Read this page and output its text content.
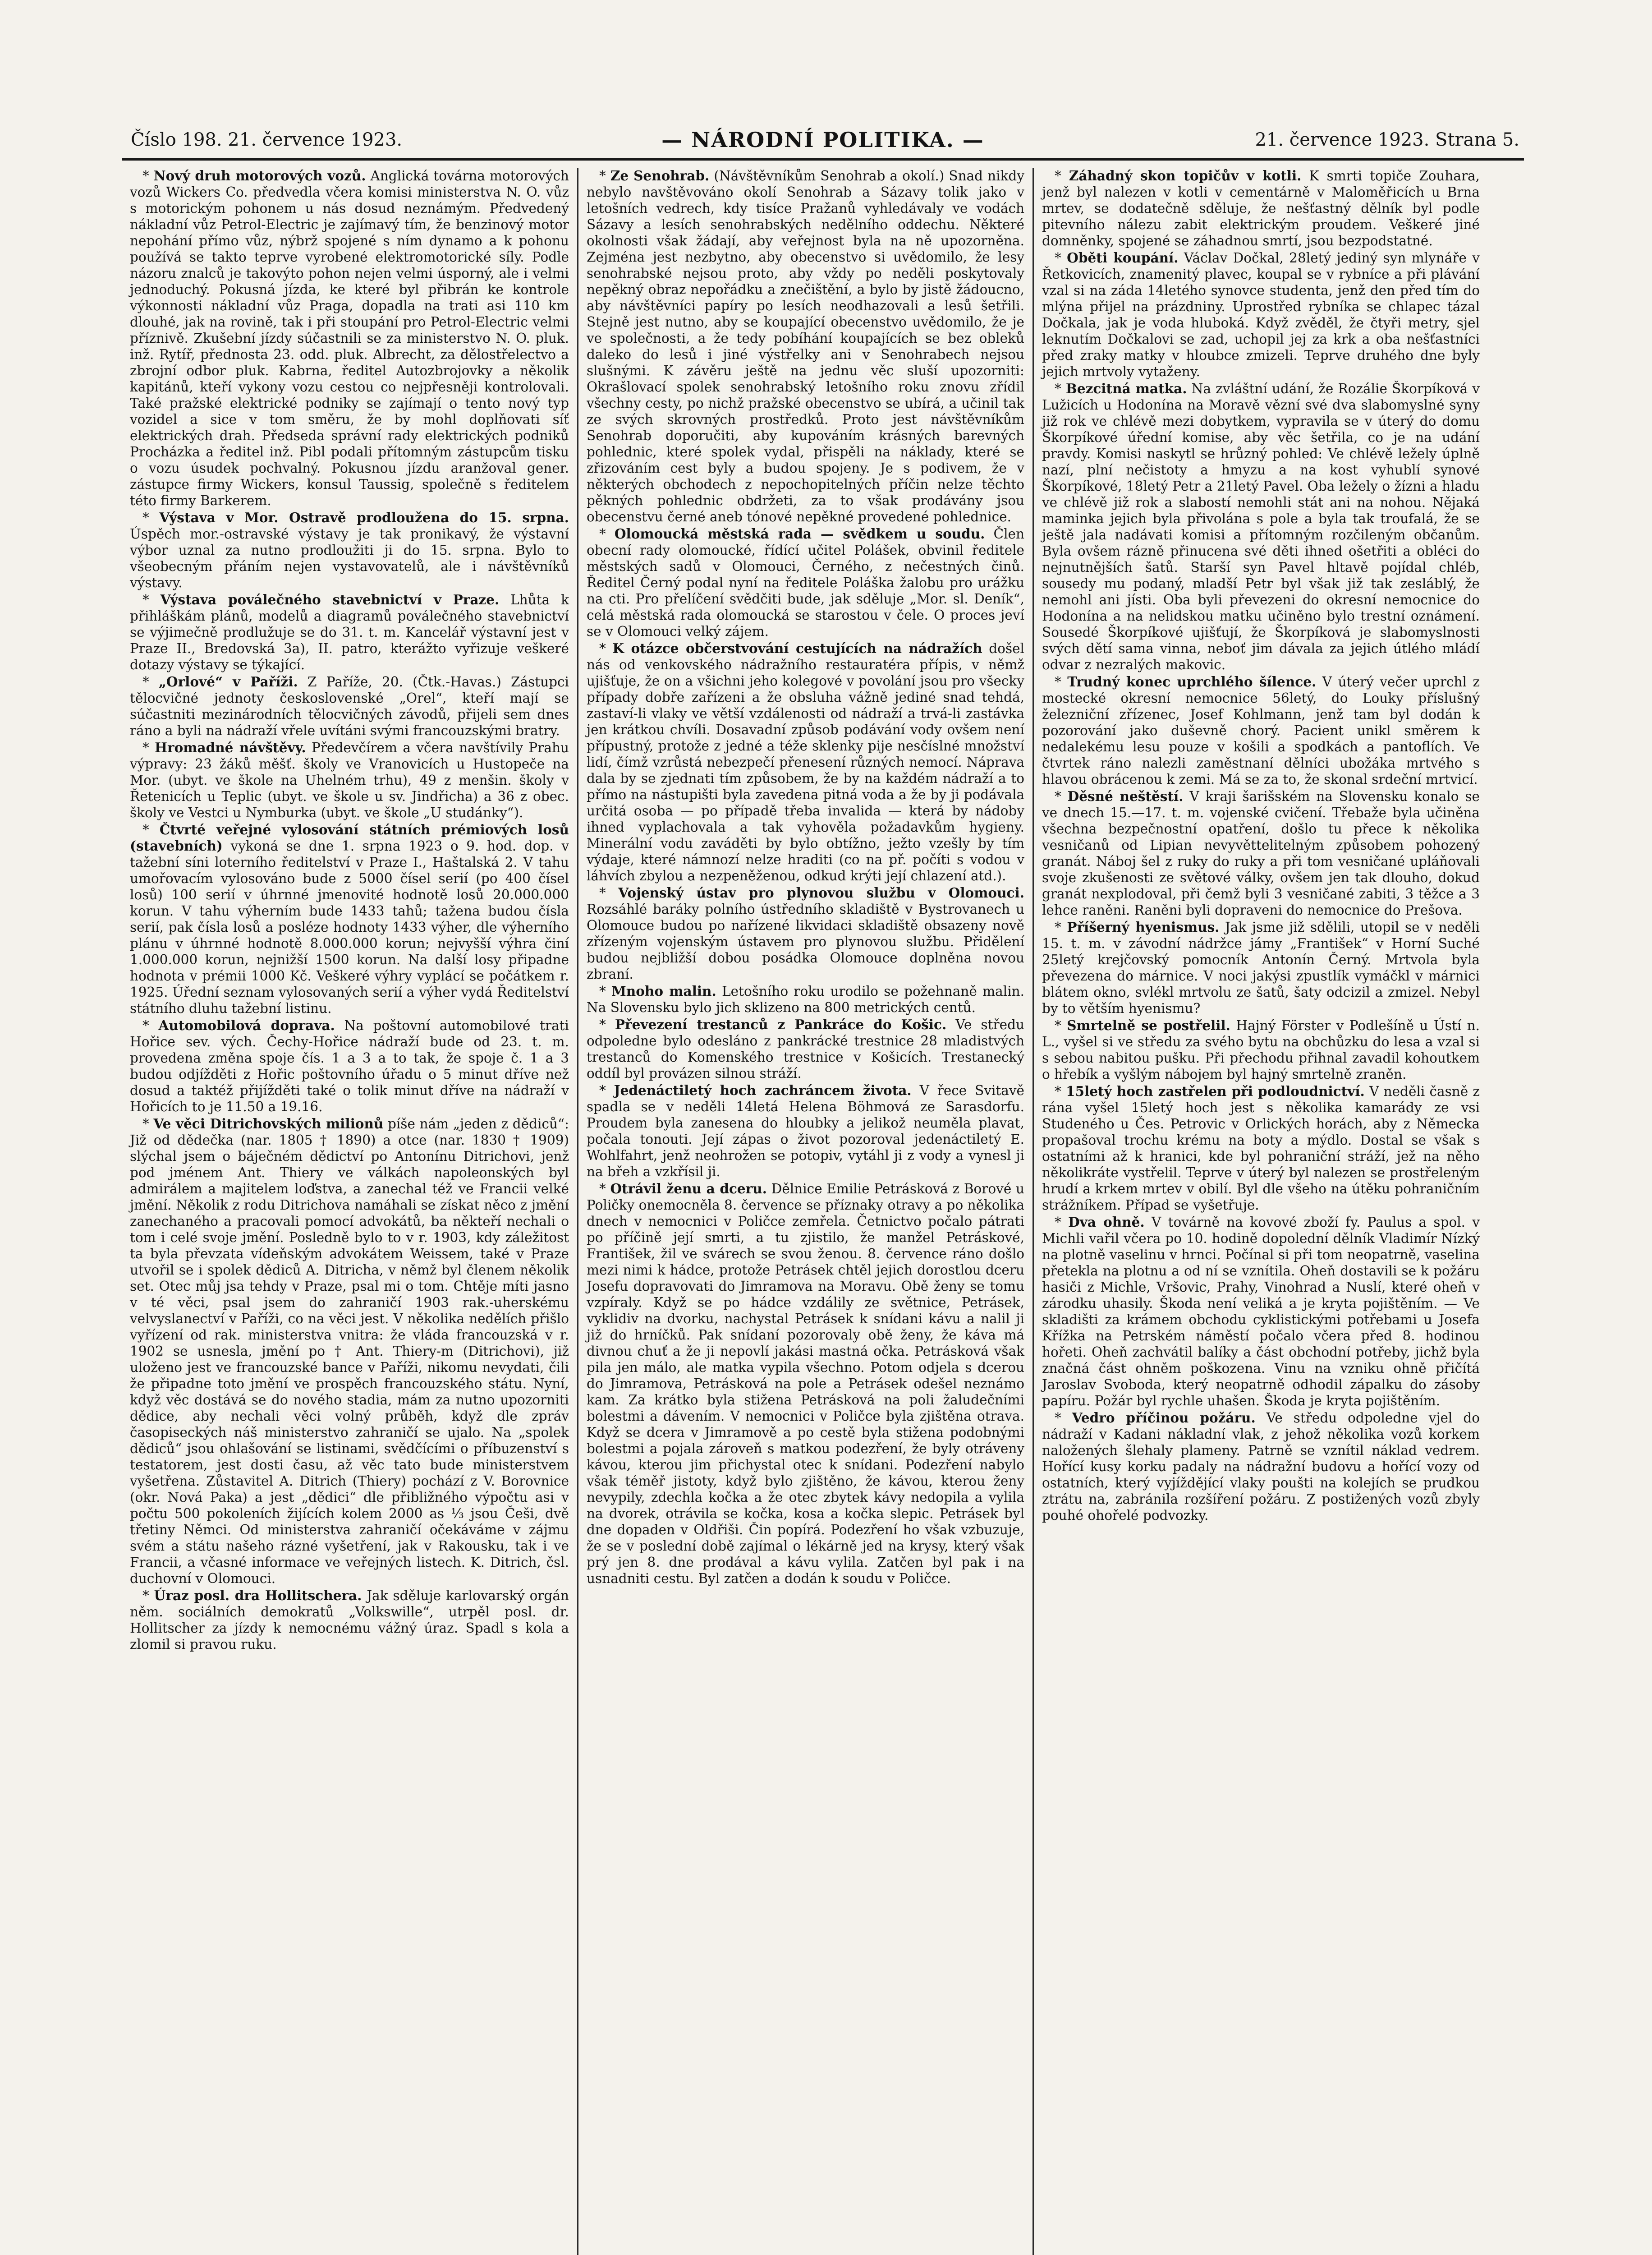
Číslo 198. 21. července 1923.	— NÁRODNÍ POLITIKA. —	21. července 1923. Strana 5.

* Nový druh motorových vozů. Anglická továrna motorových vozů Wickers Co. předvedla včera komisi ministerstva N. O. vůz s motorickým pohonem u nás dosud neznámým. Předvedený nákladní vůz Petrol-Electric je zajímavý tím, že benzinový motor nepohání přímo vůz, nýbrž spojené s ním dynamo a k pohonu používá se takto teprve vyrobené elektromotorické síly. Podle názoru znalců je takovýto pohon nejen velmi úsporný, ale i velmi jednoduchý. Pokusná jízda, ke které byl přibrán ke kontrole výkonnosti nákladní vůz Praga, dopadla na trati asi 110 km dlouhé, jak na rovině, tak i při stoupání pro Petrol-Electric velmi příznivě. Zkušební jízdy súčastnili se za ministerstvo N. O. pluk. inž. Rytíř, přednosta 23. odd. pluk. Albrecht, za dělostřelectvo a zbrojní odbor pluk. Kabrna, ředitel Autozbrojovky a několik kapitánů, kteří vykony vozu cestou co nejpřesněji kontrolovali. Také pražské elektrické podniky se zajímají o tento nový typ vozidel a sice v tom směru, že by mohl doplňovati síť elektrických drah. Předseda správní rady elektrických podniků Procházka a ředitel inž. Pibl podali přítomným zástupcům tisku o vozu úsudek pochvalný. Pokusnou jízdu aranžoval gener. zástupce firmy Wickers, konsul Taussig, společně s ředitelem této firmy Barkerem.

* Výstava v Mor. Ostravě prodloužena do 15. srpna. Úspěch mor.-ostravské výstavy je tak pronikavý, že výstavní výbor uznal za nutno prodloužiti ji do 15. srpna. Bylo to všeobecným přáním nejen vystavovatelů, ale i návštěvníků výstavy.

* Výstava poválečného stavebnictví v Praze. Lhůta k přihláškám plánů, modelů a diagramů poválečného stavebnictví se výjimečně prodlužuje se do 31. t. m. Kancelář výstavní jest v Praze II., Bredovská 3a), II. patro, kterážto vyřizuje veškeré dotazy výstavy se týkající.

* „Orlové“ v Paříži. Z Paříže, 20. (Čtk.-Havas.) Zástupci tělocvičné jednoty československé „Orel“, kteří mají se súčastniti mezinárodních tělocvičných závodů, přijeli sem dnes ráno a byli na nádraží vřele uvítáni svými francouzskými bratry.

* Hromadné návštěvy. Předevčírem a včera navštívily Prahu výpravy: 23 žáků měšť. školy ve Vranovicích u Hustopeče na Mor. (ubyt. ve škole na Uhelném trhu), 49 z menšin. školy v Řetenicích u Teplic (ubyt. ve škole u sv. Jindřicha) a 36 z obec. školy ve Vestci u Nymburka (ubyt. ve škole „U studánky“).

* Čtvrté veřejné vylosování státních prémiových losů (stavebních) vykoná se dne 1. srpna 1923 o 9. hod. dop. v tažební síni loterního ředitelství v Praze I., Haštalská 2. V tahu umořovacím vylosováno bude z 5000 čísel serií (po 400 čísel losů) 100 serií v úhrnné jmenovité hodnotě losů 20.000.000 korun. V tahu výherním bude 1433 tahů; tažena budou čísla serií, pak čísla losů a posléze hodnoty 1433 výher, dle výherního plánu v úhrnné hodnotě 8.000.000 korun; nejvyšší výhra činí 1.000.000 korun, nejnižší 1500 korun. Na další losy připadne hodnota v prémii 1000 Kč. Veškeré výhry vyplácí se počátkem r. 1925. Úřední seznam vylosovaných serií a výher vydá Ředitelství státního dluhu tažební listinu.

* Automobilová doprava. Na poštovní automobilové trati Hořice sev. vých. Čechy-Hořice nádraží bude od 23. t. m. provedena změna spoje čís. 1 a 3 a to tak, že spoje č. 1 a 3 budou odjížděti z Hořic poštovního úřadu o 5 minut dříve než dosud a taktéž přijížděti také o tolik minut dříve na nádraží v Hořicích to je 11.50 a 19.16.

* Ve věci Ditrichovských milionů píše nám „jeden z dědiců“: Již od dědečka (nar. 1805 † 1890) a otce (nar. 1830 † 1909) slýchal jsem o báječném dědictví po Antonínu Ditrichovi, jenž pod jménem Ant. Thiery ve válkách napoleonských byl admirálem a majitelem loďstva, a zanechal též ve Francii velké jmění. Několik z rodu Ditrichova namáhali se získat něco z jmění zanechaného a pracovali pomocí advokátů, ba někteří nechali o tom i celé svoje jmění. Posledně bylo to v r. 1903, kdy záležitost ta byla převzata vídeňským advokátem Weissem, také v Praze utvořil se i spolek dědiců A. Ditricha, v němž byl členem několik set. Otec můj jsa tehdy v Praze, psal mi o tom. Chtěje míti jasno v té věci, psal jsem do zahraničí 1903 rak.-uherskému velvyslanectví v Paříži, co na věci jest. V několika nedělích přišlo vyřízení od rak. ministerstva vnitra: že vláda francouzská v r. 1902 se usnesla, jmění po † Ant. Thiery-m (Ditrichovi), již uloženo jest ve francouzské bance v Paříži, nikomu nevydati, čili že připadne toto jmění ve prospěch francouzského státu. Nyní, když věc dostává se do nového stadia, mám za nutno upozorniti dědice, aby nechali věci volný průběh, když dle zpráv časopiseckých náš ministerstvo zahraničí se ujalo. Na „spolek dědiců“ jsou ohlašování se listinami, svědčícími o příbuzenství s testatorem, jest dosti času, až věc tato bude ministerstvem vyšetřena. Zůstavitel A. Ditrich (Thiery) pochází z V. Borovnice (okr. Nová Paka) a jest „dědici“ dle přibližného výpočtu asi v počtu 500 pokoleních žijících kolem 2000 as ⅓ jsou Češi, dvě třetiny Němci. Od ministerstva zahraničí očekáváme v zájmu svém a státu našeho rázné vyšetření, jak v Rakousku, tak i ve Francii, a včasné informace ve veřejných listech. K. Ditrich, čsl. duchovní v Olomouci.

* Úraz posl. dra Hollitschera. Jak sděluje karlovarský orgán něm. sociálních demokratů „Volkswille“, utrpěl posl. dr. Hollitscher za jízdy k nemocnému vážný úraz. Spadl s kola a zlomil si pravou ruku.

* Ze Senohrab. (Návštěvníkům Senohrab a okolí.) Snad nikdy nebylo navštěvováno okolí Senohrab a Sázavy tolik jako v letošních vedrech, kdy tisíce Pražanů vyhledávaly ve vodách Sázavy a lesích senohrabských nedělního oddechu. Některé okolnosti však žádají, aby veřejnost byla na ně upozorněna. Zejména jest nezbytno, aby obecenstvo si uvědomilo, že lesy senohrabské nejsou proto, aby vždy po neděli poskytovaly nepěkný obraz nepořádku a znečištění, a bylo by jistě žádoucno, aby návštěvníci papíry po lesích neodhazovali a lesů šetřili. Stejně jest nutno, aby se koupající obecenstvo uvědomilo, že je ve společnosti, a že tedy pobíhání koupajících se bez obleků daleko do lesů i jiné výstřelky ani v Senohrabech nejsou slušnými. K závěru ještě na jednu věc sluší upozorniti: Okrašlovací spolek senohrabský letošního roku znovu zřídil všechny cesty, po nichž pražské obecenstvo se ubírá, a učinil tak ze svých skrovných prostředků. Proto jest návštěvníkům Senohrab doporučiti, aby kupováním krásných barevných pohlednic, které spolek vydal, přispěli na náklady, které se zřizováním cest byly a budou spojeny. Je s podivem, že v některých obchodech z nepochopitelných příčin nelze těchto pěkných pohlednic obdržeti, za to však prodávány jsou obecenstvu černé aneb tónové nepěkné provedené pohlednice.

* Olomoucká městská rada — svědkem u soudu. Člen obecní rady olomoucké, řídící učitel Polášek, obvinil ředitele městských sadů v Olomouci, Černého, z nečestných činů. Ředitel Černý podal nyní na ředitele Poláška žalobu pro urážku na cti. Pro přelíčení svědčiti bude, jak sděluje „Mor. sl. Deník“, celá městská rada olomoucká se starostou v čele. O proces jeví se v Olomouci velký zájem.

* K otázce občerstvování cestujících na nádražích došel nás od venkovského nádražního restauratéra přípis, v němž ujišťuje, že on a všichni jeho kolegové v povolání jsou pro všecky případy dobře zařízeni a že obsluha vážně jediné snad tehdá, zastaví-li vlaky ve větší vzdálenosti od nádraží a trvá-li zastávka jen krátkou chvíli. Dosavadní způsob podávání vody ovšem není přípustný, protože z jedné a téže sklenky pije nesčíslné množství lidí, čímž vzrůstá nebezpečí přenesení různých nemocí. Náprava dala by se zjednati tím způsobem, že by na každém nádraží a to přímo na nástupišti byla zavedena pitná voda a že by ji podávala určitá osoba — po případě třeba invalida — která by nádoby ihned vyplachovala a tak vyhověla požadavkům hygieny. Minerální vodu zaváděti by bylo obtížno, ježto vzešly by tím výdaje, které námnozí nelze hraditi (co na př. počíti s vodou v láhvích zbylou a nezpeněženou, odkud krýti její chlazení atd.).

* Vojenský ústav pro plynovou službu v Olomouci. Rozsáhlé baráky polního ústředního skladiště v Bystrovanech u Olomouce budou po nařízené likvidaci skladiště obsazeny nově zřízeným vojenským ústavem pro plynovou službu. Přidělení budou nejbližší dobou posádka Olomouce doplněna novou zbraní.

* Mnoho malin. Letošního roku urodilo se požehnaně malin. Na Slovensku bylo jich sklizeno na 800 metrických centů.

* Převezení trestanců z Pankráce do Košic. Ve středu odpoledne bylo odesláno z pankrácké trestnice 28 mladistvých trestanců do Komenského trestnice v Košicích. Trestanecký oddíl byl provázen silnou stráží.

* Jedenáctiletý hoch zachráncem života. V řece Svitavě spadla se v neděli 14letá Helena Böhmová ze Sarasdorfu. Proudem byla zanesena do hloubky a jelikož neuměla plavat, počala tonouti. Její zápas o život pozoroval jedenáctiletý E. Wohlfahrt, jenž neohrožen se potopiv, vytáhl ji z vody a vynesl ji na břeh a vzkřísil ji.

* Otrávil ženu a dceru. Dělnice Emilie Petrásková z Borové u Poličky onemocněla 8. července se příznaky otravy a po několika dnech v nemocnici v Poličce zemřela. Četnictvo počalo pátrati po příčině její smrti, a tu zjistilo, že manžel Petráskové, František, žil ve svárech se svou ženou. 8. července ráno došlo mezi nimi k hádce, protože Petrásek chtěl jejich dorostlou dceru Josefu dopravovati do Jimramova na Moravu. Obě ženy se tomu vzpíraly. Když se po hádce vzdálily ze světnice, Petrásek, vyklidiv na dvorku, nachystal Petrásek k snídani kávu a nalil ji již do hrníčků. Pak snídaní pozorovaly obě ženy, že káva má divnou chuť a že ji nepovlí jakási mastná očka. Petrásková však pila jen málo, ale matka vypila všechno. Potom odjela s dcerou do Jimramova, Petrásková na pole a Petrásek odešel neznámo kam. Za krátko byla stižena Petrásková na poli žaludečními bolestmi a dávením. V nemocnici v Poličce byla zjištěna otrava. Když se dcera v Jimramově a po cestě byla stižena podobnými bolestmi a pojala zároveň s matkou podezření, že byly otráveny kávou, kterou jim přichystal otec k snídani. Podezření nabylo však téměř jistoty, když bylo zjištěno, že kávou, kterou ženy nevypily, zdechla kočka a že otec zbytek kávy nedopila a vylila na dvorek, otrávila se kočka, kosa a kočka slepic. Petrásek byl dne dopaden v Oldřiši. Čin popírá. Podezření ho však vzbuzuje, že se v poslední době zajímal o lékárně jed na krysy, který však prý jen 8. dne prodával a kávu vylila. Zatčen byl pak i na usnadniti cestu. Byl zatčen a dodán k soudu v Poličce.

* Záhadný skon topičův v kotli. K smrti topiče Zouhara, jenž byl nalezen v kotli v cementárně v Maloměřicích u Brna mrtev, se dodatečně sděluje, že nešťastný dělník byl podle pitevního nálezu zabit elektrickým proudem. Veškeré jiné domněnky, spojené se záhadnou smrtí, jsou bezpodstatné.

* Oběti koupání. Václav Dočkal, 28letý jediný syn mlynáře v Řetkovicích, znamenitý plavec, koupal se v rybníce a při plávání vzal si na záda 14letého synovce studenta, jenž den před tím do mlýna přijel na prázdniny. Uprostřed rybníka se chlapec tázal Dočkala, jak je voda hluboká. Když zvěděl, že čtyři metry, sjel leknutím Dočkalovi se zad, uchopil jej za krk a oba nešťastníci před zraky matky v hloubce zmizeli. Teprve druhého dne byly jejich mrtvoly vytaženy.

* Bezcitná matka. Na zvláštní udání, že Rozálie Škorpíková v Lužicích u Hodonína na Moravě vězní své dva slabomyslné syny již rok ve chlévě mezi dobytkem, vypravila se v úterý do domu Škorpíkové úřední komise, aby věc šetřila, co je na udání pravdy. Komisi naskytl se hrůzný pohled: Ve chlévě ležely úplně nazí, plní nečistoty a hmyzu a na kost vyhublí synové Škorpíkové, 18letý Petr a 21letý Pavel. Oba ležely o žízni a hladu ve chlévě již rok a slabostí nemohli stát ani na nohou. Nějaká maminka jejich byla přivolána s pole a byla tak troufalá, že se ještě jala nadávati komisi a přítomným rozčileným občanům. Byla ovšem rázně přinucena své děti ihned ošetřiti a obléci do nejnutnějších šatů. Starší syn Pavel hltavě pojídal chléb, sousedy mu podaný, mladší Petr byl však již tak zesláblý, že nemohl ani jísti. Oba byli převezeni do okresní nemocnice do Hodonína a na nelidskou matku učiněno bylo trestní oznámení. Sousedé Škorpíkové ujišťují, že Škorpíková je slabomyslnosti svých dětí sama vinna, neboť jim dávala za jejich útlého mládí odvar z nezralých makovic.

* Trudný konec uprchlého šílence. V úterý večer uprchl z mostecké okresní nemocnice 56letý, do Louky příslušný železniční zřízenec, Josef Kohlmann, jenž tam byl dodán k pozorování jako duševně chorý. Pacient unikl směrem k nedalekému lesu pouze v košili a spodkách a pantoflích. Ve čtvrtek ráno nalezli zaměstnaní dělníci ubožáka mrtvého s hlavou obrácenou k zemi. Má se za to, že skonal srdeční mrtvicí.

* Děsné neštěstí. V kraji šarišském na Slovensku konalo se ve dnech 15.—17. t. m. vojenské cvičení. Třebaže byla učiněna všechna bezpečnostní opatření, došlo tu přece k několika vesničanů od Lipian nevyvěttelitelným způsobem pohozený granát. Náboj šel z ruky do ruky a při tom vesničané upláňovali svoje zkušenosti ze světové války, ovšem jen tak dlouho, dokud granát nexplodoval, při čemž byli 3 vesničané zabiti, 3 těžce a 3 lehce raněni. Raněni byli dopraveni do nemocnice do Prešova.

* Příšerný hyenismus. Jak jsme již sdělili, utopil se v neděli 15. t. m. v závodní nádržce jámy „František“ v Horní Suché 25letý krejčovský pomocník Antonín Černý. Mrtvola byla převezena do márnice. V noci jakýsi zpustlík vymáčkl v márnici blátem oknо, svlékl mrtvolu ze šatů, šaty odcizil a zmizel. Nebyl by to větším hyenismu?

* Smrtelně se postřelil. Hajný Förster v Podlešíně u Ústí n. L., vyšel si ve středu za svého bytu na obchůzku do lesa a vzal si s sebou nabitou pušku. Při přechodu přihnal zavadil kohoutkem o hřebík a vyšlým nábojem byl hajný smrtelně zraněn.

* 15letý hoch zastřelen při podloudnictví. V neděli časně z rána vyšel 15letý hoch jest s několika kamarády ze vsi Studeného u Čes. Petrovic v Orlických horách, aby z Německa propašoval trochu krému na boty a mýdlo. Dostal se však s ostatními až k hranici, kde byl pohraniční stráží, jež na něho několikráte vystřelil. Teprve v úterý byl nalezen se prostřeleným hrudí a krkem mrtev v obilí. Byl dle všeho na útěku pohraničním strážníkem. Případ se vyšetřuje.

* Dva ohně. V továrně na kovové zboží fy. Paulus a spol. v Michli vařil včera po 10. hodině dopolední dělník Vladimír Nízký na plotně vaselinu v hrnci. Počínal si při tom neopatrně, vaselina přetekla na plotnu a od ní se vznítila. Oheň dostavili se k požáru hasiči z Michle, Vršovic, Prahy, Vinohrad a Nuslí, které oheň v zárodku uhasily. Škoda není veliká a je kryta pojištěním. — Ve skladišti za krámem obchodu cyklistickými potřebami u Josefa Křížka na Petrském náměstí počalo včera před 8. hodinou hořeti. Oheň zachvátil balíky a část obchodní potřeby, jichž byla značná část ohněm poškozena. Vinu na vzniku ohně přičítá Jaroslav Svoboda, který neopatrně odhodil zápalku do zásoby papíru. Požár byl rychle uhašen. Škoda je kryta pojištěním.

* Vedro příčinou požáru. Ve středu odpoledne vjel do nádraží v Kadani nákladní vlak, z jehož několika vozů korkem naložených šlehaly plameny. Patrně se vznítil náklad vedrem. Hořící kusy korku padaly na nádražní budovu a hořící vozy od ostatních, který vyjíždějící vlaky poušti na kolejích se prudkou ztrátu na, zabránila rozšíření požáru. Z postižených vozů zbyly pouhé ohořelé podvozky.
